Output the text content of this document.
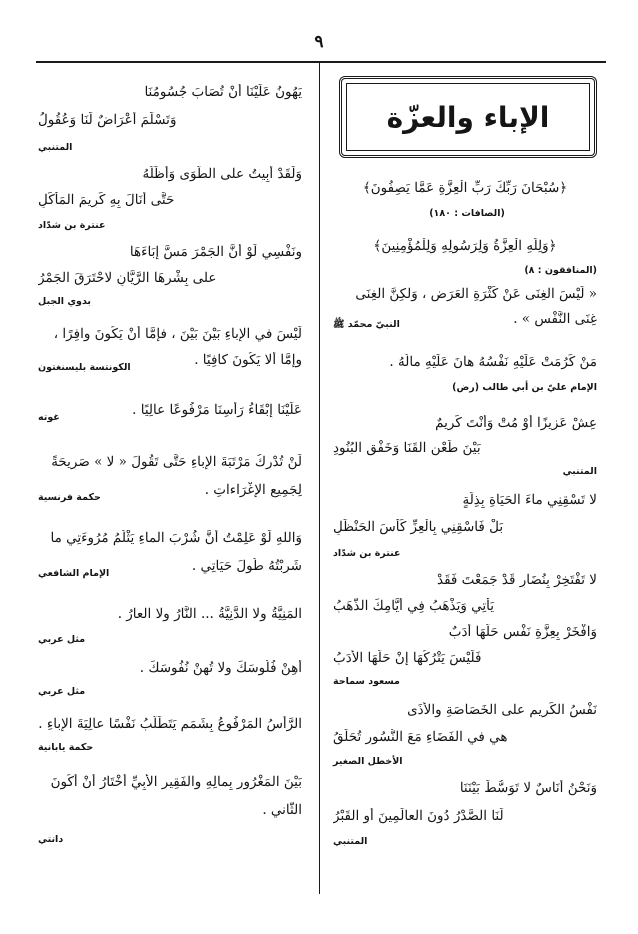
٩
الإباء والعزّة
﴿سُبْحَانَ رَبِّكَ رَبِّ الْعِزَّةِ عَمَّا يَصِفُونَ﴾
(الصافات : ١٨٠)
﴿وَلِلَّهِ الْعِزَّةُ وَلِرَسُولِهِ وَلِلْمُؤْمِنِينَ﴾
(المنافقون : ٨)
« لَيْسَ الغِنَى عَنْ كَثْرَةِ العَرَضِ ، وَلكِنَّ الغِنَى
غِنَى النَّفْسِ » .
النبيّ محمّد ﷺ
مَنْ كَرُمَتْ عَلَيْهِ نَفْسُهُ هانَ عَلَيْهِ مالُهُ .
الإمام عليّ بن أبي طالب (رض)
عِشْ عَزِيزًا أَوْ مُتْ وَأَنْتَ كَرِيمٌ
بَيْنَ طَعْنِ القَنَا وَخَفْقِ البُنُودِ
المتنبي
لا تَسْقِنِي ماءَ الحَيَاةِ بِذِلَّةٍ
بَلْ فَاسْقِنِي بِالْعِزِّ كَأْسَ الحَنْظَلِ
عنترة بن شدّاد
لا تَفْتَخِرْ بِنُضَارٍ قَدْ جَمَعْتَ فَقَدْ
يَأْتِي وَيَذْهَبُ فِي أَيَّامِكَ الذَّهَبُ
وَافْخَرْ بِعِزَّةِ نَفْسٍ حَلَّهَا أَدَبٌ
فَلَيْسَ يَتْرُكُهَا إِنْ حَلَّهَا الأَدَبُ
مسعود سماحة
نَفْسُ الكَرِيمِ على الخَصَاصَةِ والأَذَى
هي في الفَضَاءِ مَعَ النُّسُورِ تُحَلِّقُ
الأخطل الصغير
وَنَحْنُ أُنَاسٌ لا تَوَسُّطَ بَيْنَنَا
لَنَا الصَّدْرُ دُونَ العالَمِينَ أَوِ القَبْرُ
المتنبي
يَهُونُ عَلَيْنَا أَنْ تُصَابَ جُسُومُنَا
وَتَسْلَمَ أَعْرَاضٌ لَنَا وَعُقُولُ
المتنبي
وَلَقَدْ أَبِيتُ على الطَّوَى وَأَظَلُّهُ
حَتَّى أَنَالَ بِهِ كَرِيمَ المَأْكَلِ
عنترة بن شدّاد
ونَفْسِي لَوْ أَنَّ الجَمْرَ مَسَّ إِبَاءَهَا
على بِشْرِهَا الرَّيَّانِ لاحْتَرَقَ الجَمْرُ
بدوي الجبل
لَيْسَ في الإِباءِ بَيْنَ بَيْنَ ، فإمَّا أَنْ يَكُونَ وافِرًا ،
وإِمَّا أَلا يَكُونَ كافِيًا .
الكونتسة بليسنغتون
عَلَيْنَا إِبْقَاءُ رَأْسِنَا مَرْفُوعًا عالِيًا .
غوته
لَنْ تُدْرِكُ مَرْتَبَةَ الإِباءِ حَتَّى تَقُولَ « لا » صَرِيحَةً
لِجَمِيعِ الإِغْرَاءاتِ .
حكمة فرنسية
وَاللهِ لَوْ عَلِمْتُ أَنَّ شُرْبَ الماءِ يَثْلُمُ مُرُوءَتِي ما
شَرِبْتُهُ طُولَ حَيَاتِي .
الإمام الشافعي
المَنِيَّةُ ولا الدَّنِيَّةُ ... النَّارُ ولا العارُ .
مثل عربي
أَهِنْ فُلُوسَكَ ولا تُهِنْ نُفُوسَكَ .
مثل عربي
الرَّأْسُ المَرْفُوعُ بِشَمَمٍ يَتَطَلَّبُ نَفْسًا عالِيَةَ الإِباءِ .
حكمة يابانية
بَيْنَ المَغْرُورِ بِمالِهِ والفَقِيرِ الأَبِيِّ أَخْتَارُ أَنْ أَكُونَ
الثّاني .
دانتي
